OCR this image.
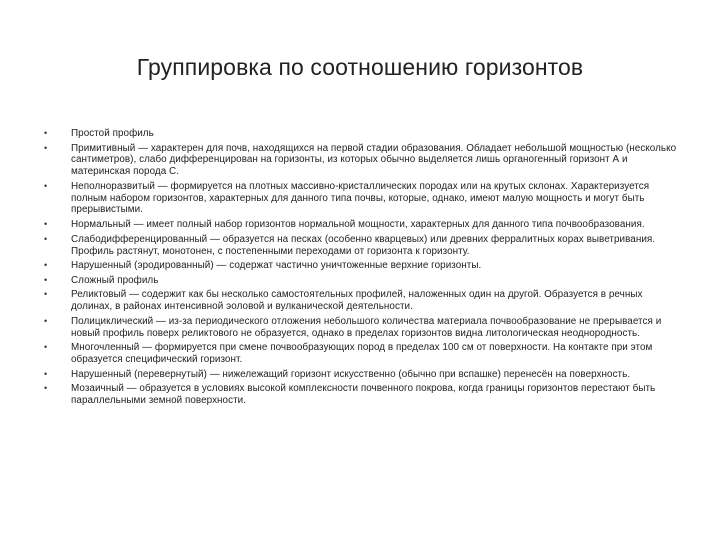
Группировка по соотношению горизонтов
•	Простой профиль
•	Примитивный — характерен для почв, находящихся на первой стадии образования. Обладает небольшой мощностью (несколько сантиметров), слабо дифференцирован на горизонты, из которых обычно выделяется лишь органогенный горизонт А и материнская порода С.
•	Неполноразвитый — формируется на плотных массивно-кристаллических породах или на крутых склонах. Характеризуется полным набором горизонтов, характерных для данного типа почвы, которые, однако, имеют малую мощность и могут быть прерывистыми.
•	Нормальный — имеет полный набор горизонтов нормальной мощности, характерных для данного типа почвообразования.
•	Слабодифференцированный — образуется на песках (особенно кварцевых) или древних ферралитных корах выветривания. Профиль растянут, монотонен, с постепенными переходами от горизонта к горизонту.
•	Нарушенный (эродированный) — содержат частично уничтоженные верхние горизонты.
•	Сложный профиль
•	Реликтовый — содержит как бы несколько самостоятельных профилей, наложенных один на другой. Образуется в речных долинах, в районах интенсивной эоловой и вулканической деятельности.
•	Полициклический — из-за периодического отложения небольшого количества материала почвообразование не прерывается и новый профиль поверх реликтового не образуется, однако в пределах горизонтов видна литологическая неоднородность.
•	Многочленный — формируется при смене почвообразующих пород в пределах 100 см от поверхности. На контакте при этом образуется специфический горизонт.
•	Нарушенный (перевернутый) — нижележащий горизонт искусственно (обычно при вспашке) перенесён на поверхность.
•	Мозаичный — образуется в условиях высокой комплексности почвенного покрова, когда границы горизонтов перестают быть параллельными земной поверхности.
